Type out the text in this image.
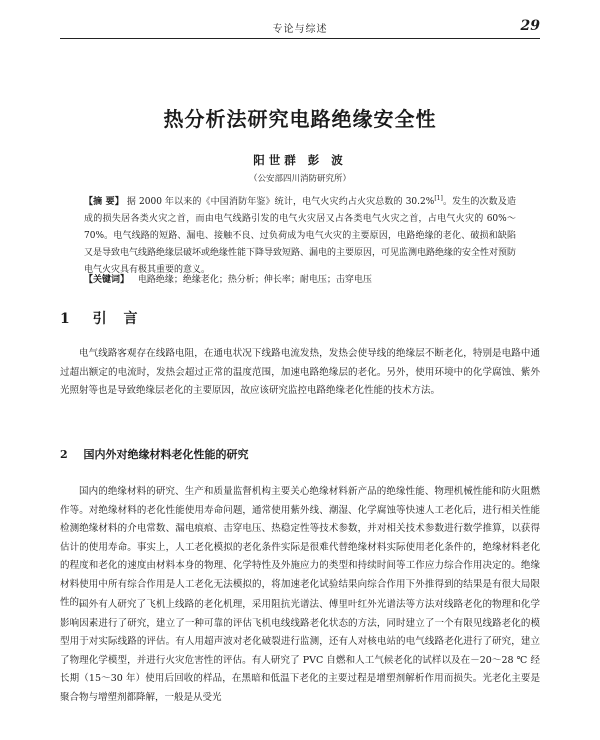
专论与综述	29
热分析法研究电路绝缘安全性
阳世群 彭 波
（公安部四川消防研究所）
【摘 要】 据 2000 年以来的《中国消防年鉴》统计，电气火灾约占火灾总数的 30.2%[1]。发生的次数及造成的损失居各类火灾之首，而由电气线路引发的电气火灾居又占各类电气火灾之首，占电气火灾的 60%～70%。电气线路的短路、漏电、接触不良、过负荷成为电气火灾的主要原因，电路绝缘的老化、破损和缺陷又是导致电气线路绝缘层破坏或绝缘性能下降导致短路、漏电的主要原因，可见监测电路绝缘的安全性对预防电气火灾具有极其重要的意义。
【关键词】 电路绝缘；绝缘老化；热分析；伸长率；耐电压；击穿电压
1 引 言
电气线路客观存在线路电阻，在通电状况下线路电流发热，发热会使导线的绝缘层不断老化，特别是电路中通过超出额定的电流时，发热会超过正常的温度范围，加速电路绝缘层的老化。另外，使用环境中的化学腐蚀、紫外光照射等也是导致绝缘层老化的主要原因，故应该研究监控电路绝缘老化性能的技术方法。
2 国内外对绝缘材料老化性能的研究
国内的绝缘材料的研究、生产和质量监督机构主要关心绝缘材料新产品的绝缘性能、物理机械性能和防火阻燃作等。对绝缘材料的老化性能使用寿命问题，通常使用紫外线、潮湿、化学腐蚀等快速人工老化后，进行相关性能检测绝缘材料的介电常数、漏电痕痕、击穿电压、热稳定性等技术参数，并对相关技术参数进行数学推算，以获得估计的使用寿命。事实上，人工老化模拟的老化条件实际是很难代替绝缘材料实际使用老化条件的，绝缘材料老化的程度和老化的速度由材料本身的物理、化学特性及外施应力的类型和持续时间等工作应力综合作用决定的。绝缘材料使用中所有综合作用是人工老化无法模拟的，将加速老化试验结果向综合作用下外推得到的结果是有很大局限性的。
国外有人研究了飞机上线路的老化机理，采用阻抗光谱法、傅里叶红外光谱法等方法对线路老化的物理和化学影响因素进行了研究，建立了一种可靠的评估飞机电线线路老化状态的方法，同时建立了一个有限见线路老化的模型用于对实际线路的评估。有人用超声波对老化破裂进行监测，还有人对核电站的电气线路老化进行了研究，建立了物理化学模型，并进行火灾危害性的评估。有人研究了 PVC 自燃和人工气候老化的试样以及在－20～28 ℃ 经长期（15～30 年）使用后回收的样品，在黑暗和低温下老化的主要过程是增塑剂解析作用而损失。光老化主要是聚合物与增塑剂都降解，一般是从受光
